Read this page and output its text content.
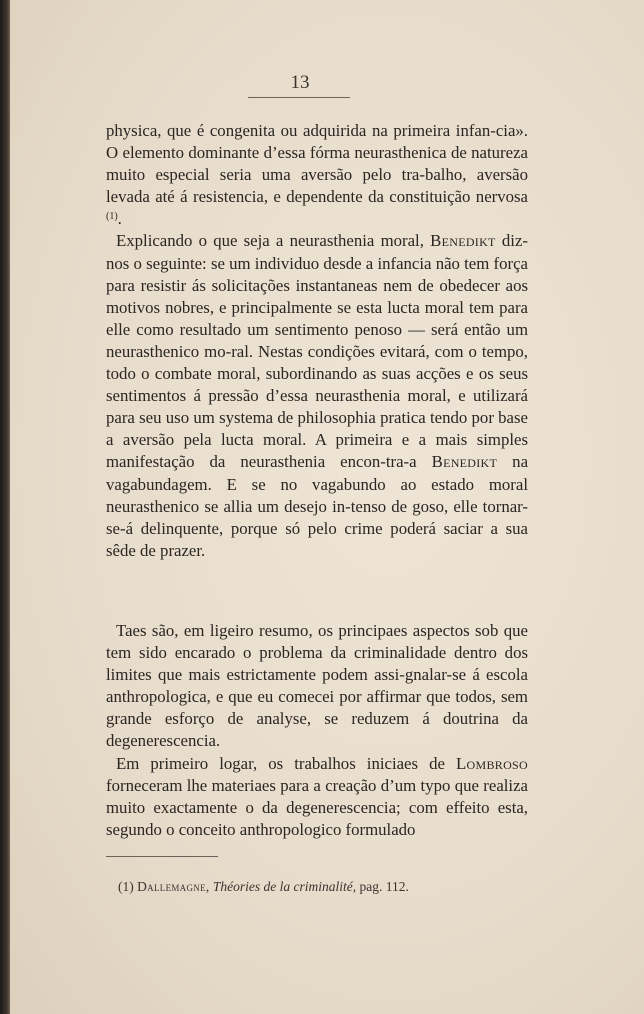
13

physica, que é congenita ou adquirida na primeira infan-cia». O elemento dominante d’essa fórma neurasthenica de natureza muito especial seria uma aversão pelo tra-balho, aversão levada até á resistencia, e dependente da constituição nervosa $^{(1)}$.

Explicando o que seja a neurasthenia moral, Benedikt diz-nos o seguinte: se um individuo desde a infancia não tem força para resistir ás solicitações instantaneas nem de obedecer aos motivos nobres, e principalmente se esta lucta moral tem para elle como resultado um sentimento penoso — será então um neurasthenico mo-ral. Nestas condições evitará, com o tempo, todo o combate moral, subordinando as suas acções e os seus sentimentos á pressão d’essa neurasthenia moral, e utilizará para seu uso um systema de philosophia pratica tendo por base a aversão pela lucta moral. A primeira e a mais simples manifestação da neurasthenia encon-tra-a Benedikt na vagabundagem. E se no vagabundo ao estado moral neurasthenico se allia um desejo in-tenso de goso, elle tornar-se-á delinquente, porque só pelo crime poderá saciar a sua sêde de prazer.

Taes são, em ligeiro resumo, os principaes aspectos sob que tem sido encarado o problema da criminalidade dentro dos limites que mais estrictamente podem assi-gnalar-se á escola anthropologica, e que eu comecei por affirmar que todos, sem grande esforço de analyse, se reduzem á doutrina da degenerescencia.

Em primeiro logar, os trabalhos iniciaes de Lombroso forneceram lhe materiaes para a creação d’um typo que realiza muito exactamente o da degenerescencia; com effeito esta, segundo o conceito anthropologico formulado

(1) Dallemagne, Théories de la criminalité, pag. 112.
